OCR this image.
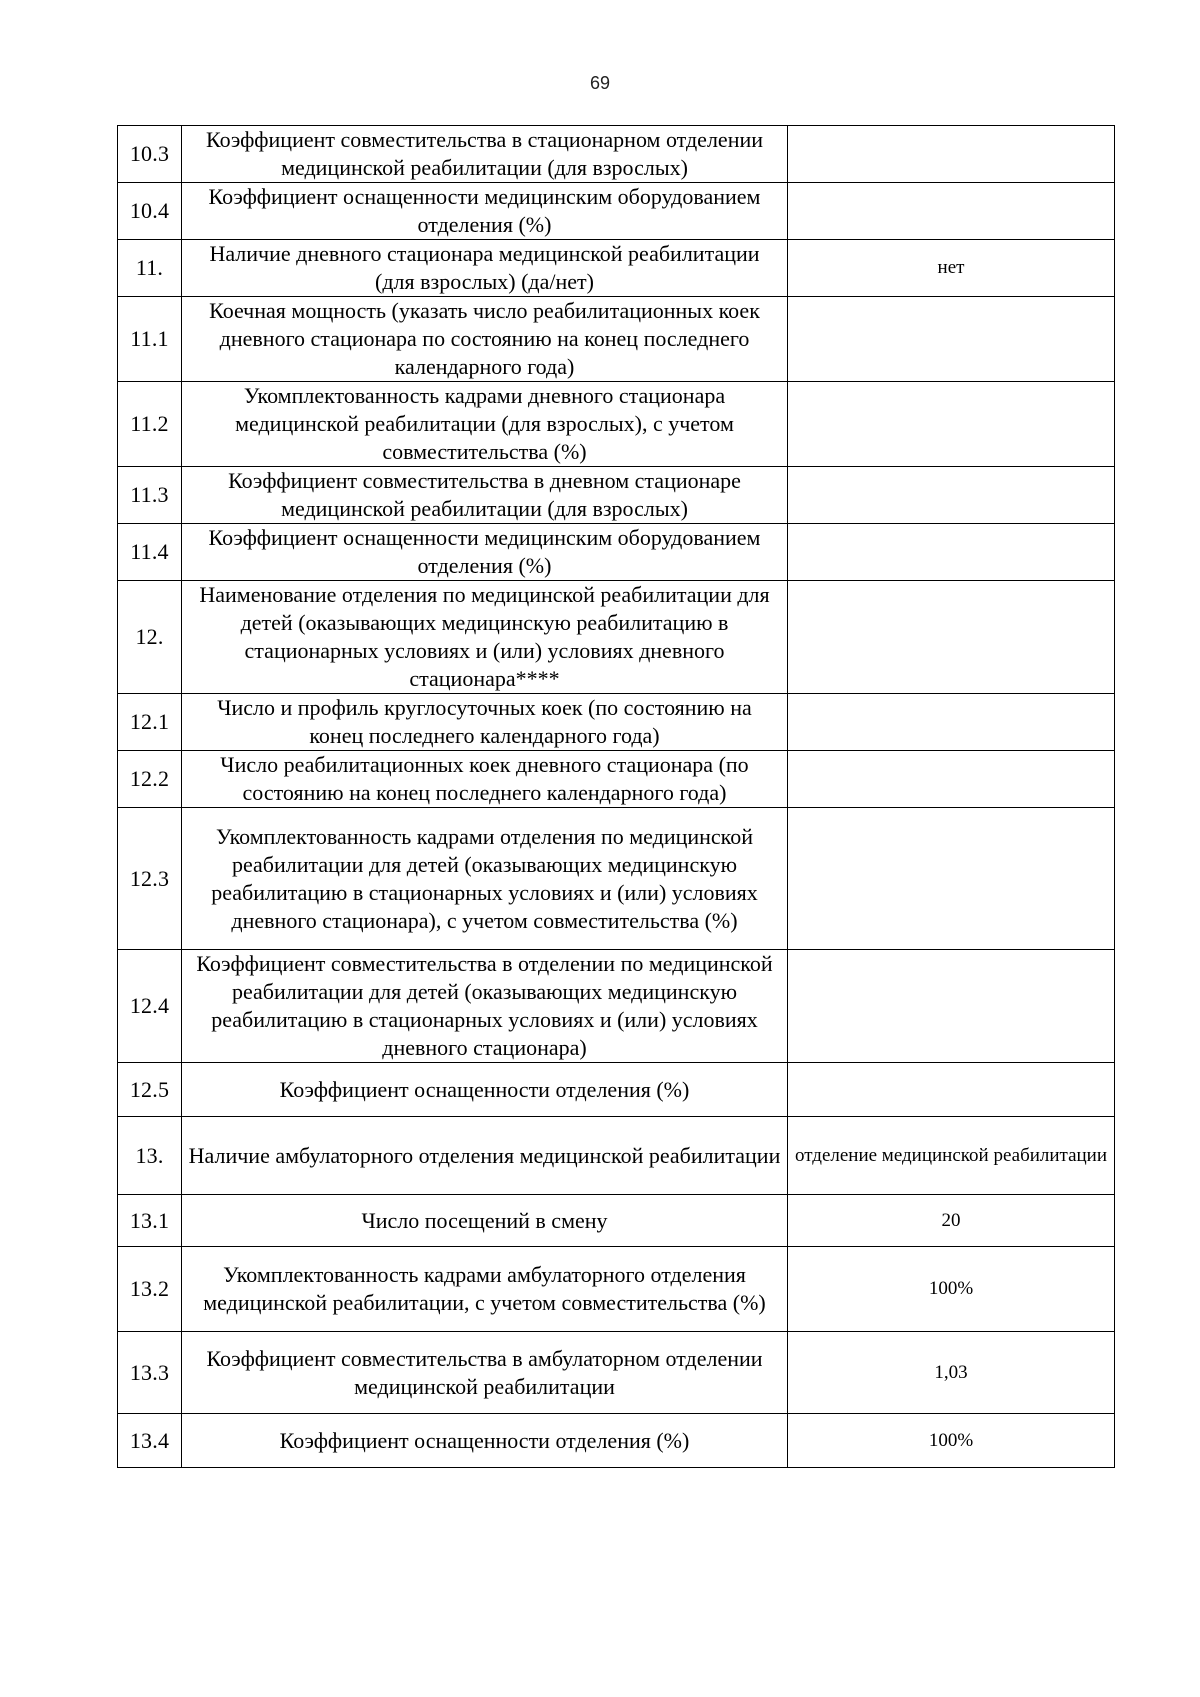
69
10.3	Коэффициент совместительства в стационарном отделении медицинской реабилитации (для взрослых)	
10.4	Коэффициент оснащенности медицинским оборудованием отделения (%)	
11.	Наличие дневного стационара медицинской реабилитации (для взрослых) (да/нет)	нет
11.1	Коечная мощность (указать число реабилитационных коек дневного стационара по состоянию на конец последнего календарного года)	
11.2	Укомплектованность кадрами дневного стационара медицинской реабилитации (для взрослых), с учетом совместительства (%)	
11.3	Коэффициент совместительства в дневном стационаре медицинской реабилитации (для взрослых)	
11.4	Коэффициент оснащенности медицинским оборудованием отделения (%)	
12.	Наименование отделения по медицинской реабилитации для детей (оказывающих медицинскую реабилитацию в стационарных условиях и (или) условиях дневного стационара****	
12.1	Число и профиль круглосуточных коек (по состоянию на конец последнего календарного года)	
12.2	Число реабилитационных коек дневного стационара (по состоянию на конец последнего календарного года)	
12.3	Укомплектованность кадрами отделения по медицинской реабилитации для детей (оказывающих медицинскую реабилитацию в стационарных условиях и (или) условиях дневного стационара), с учетом совместительства (%)	
12.4	Коэффициент совместительства в отделении по медицинской реабилитации для детей (оказывающих медицинскую реабилитацию в стационарных условиях и (или) условиях дневного стационара)	
12.5	Коэффициент оснащенности отделения (%)	
13.	Наличие амбулаторного отделения медицинской реабилитации	отделение медицинской реабилитации
13.1	Число посещений в смену	20
13.2	Укомплектованность кадрами амбулаторного отделения медицинской реабилитации, с учетом совместительства (%)	100%
13.3	Коэффициент совместительства в амбулаторном отделении медицинской реабилитации	1,03
13.4	Коэффициент оснащенности отделения (%)	100%
